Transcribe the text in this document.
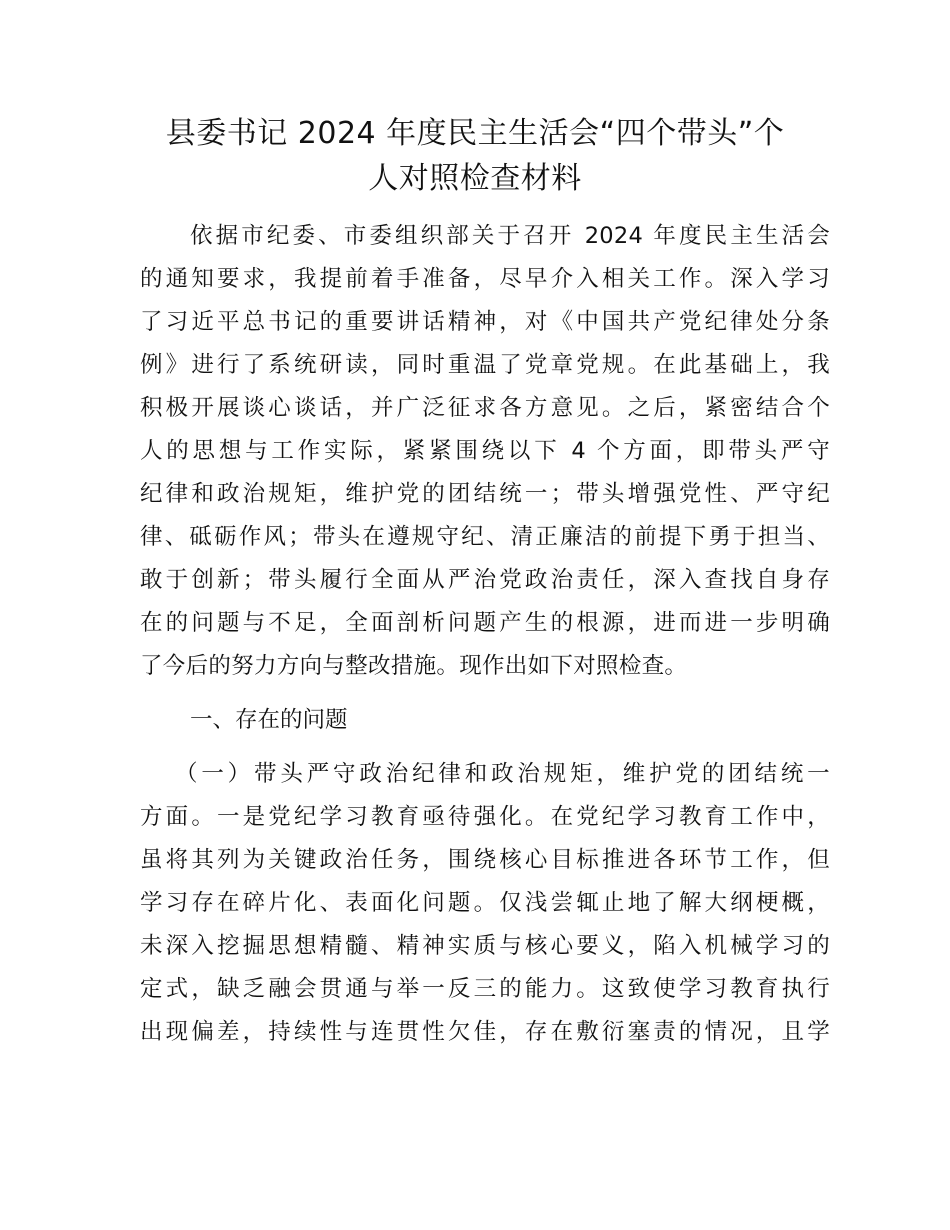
县委书记 2024 年度民主生活会“四个带头”个
人对照检查材料
依据市纪委、市委组织部关于召开 2024 年度民主生活会
的通知要求，我提前着手准备，尽早介入相关工作。深入学习
了习近平总书记的重要讲话精神，对《中国共产党纪律处分条
例》进行了系统研读，同时重温了党章党规。在此基础上，我
积极开展谈心谈话，并广泛征求各方意见。之后，紧密结合个
人的思想与工作实际，紧紧围绕以下 4 个方面，即带头严守
纪律和政治规矩，维护党的团结统一；带头增强党性、严守纪
律、砥砺作风；带头在遵规守纪、清正廉洁的前提下勇于担当、
敢于创新；带头履行全面从严治党政治责任，深入查找自身存
在的问题与不足，全面剖析问题产生的根源，进而进一步明确
了今后的努力方向与整改措施。现作出如下对照检查。
一、存在的问题
（一）带头严守政治纪律和政治规矩，维护党的团结统一
方面。一是党纪学习教育亟待强化。在党纪学习教育工作中，
虽将其列为关键政治任务，围绕核心目标推进各环节工作，但
学习存在碎片化、表面化问题。仅浅尝辄止地了解大纲梗概，
未深入挖掘思想精髓、精神实质与核心要义，陷入机械学习的
定式，缺乏融会贯通与举一反三的能力。这致使学习教育执行
出现偏差，持续性与连贯性欠佳，存在敷衍塞责的情况，且学
